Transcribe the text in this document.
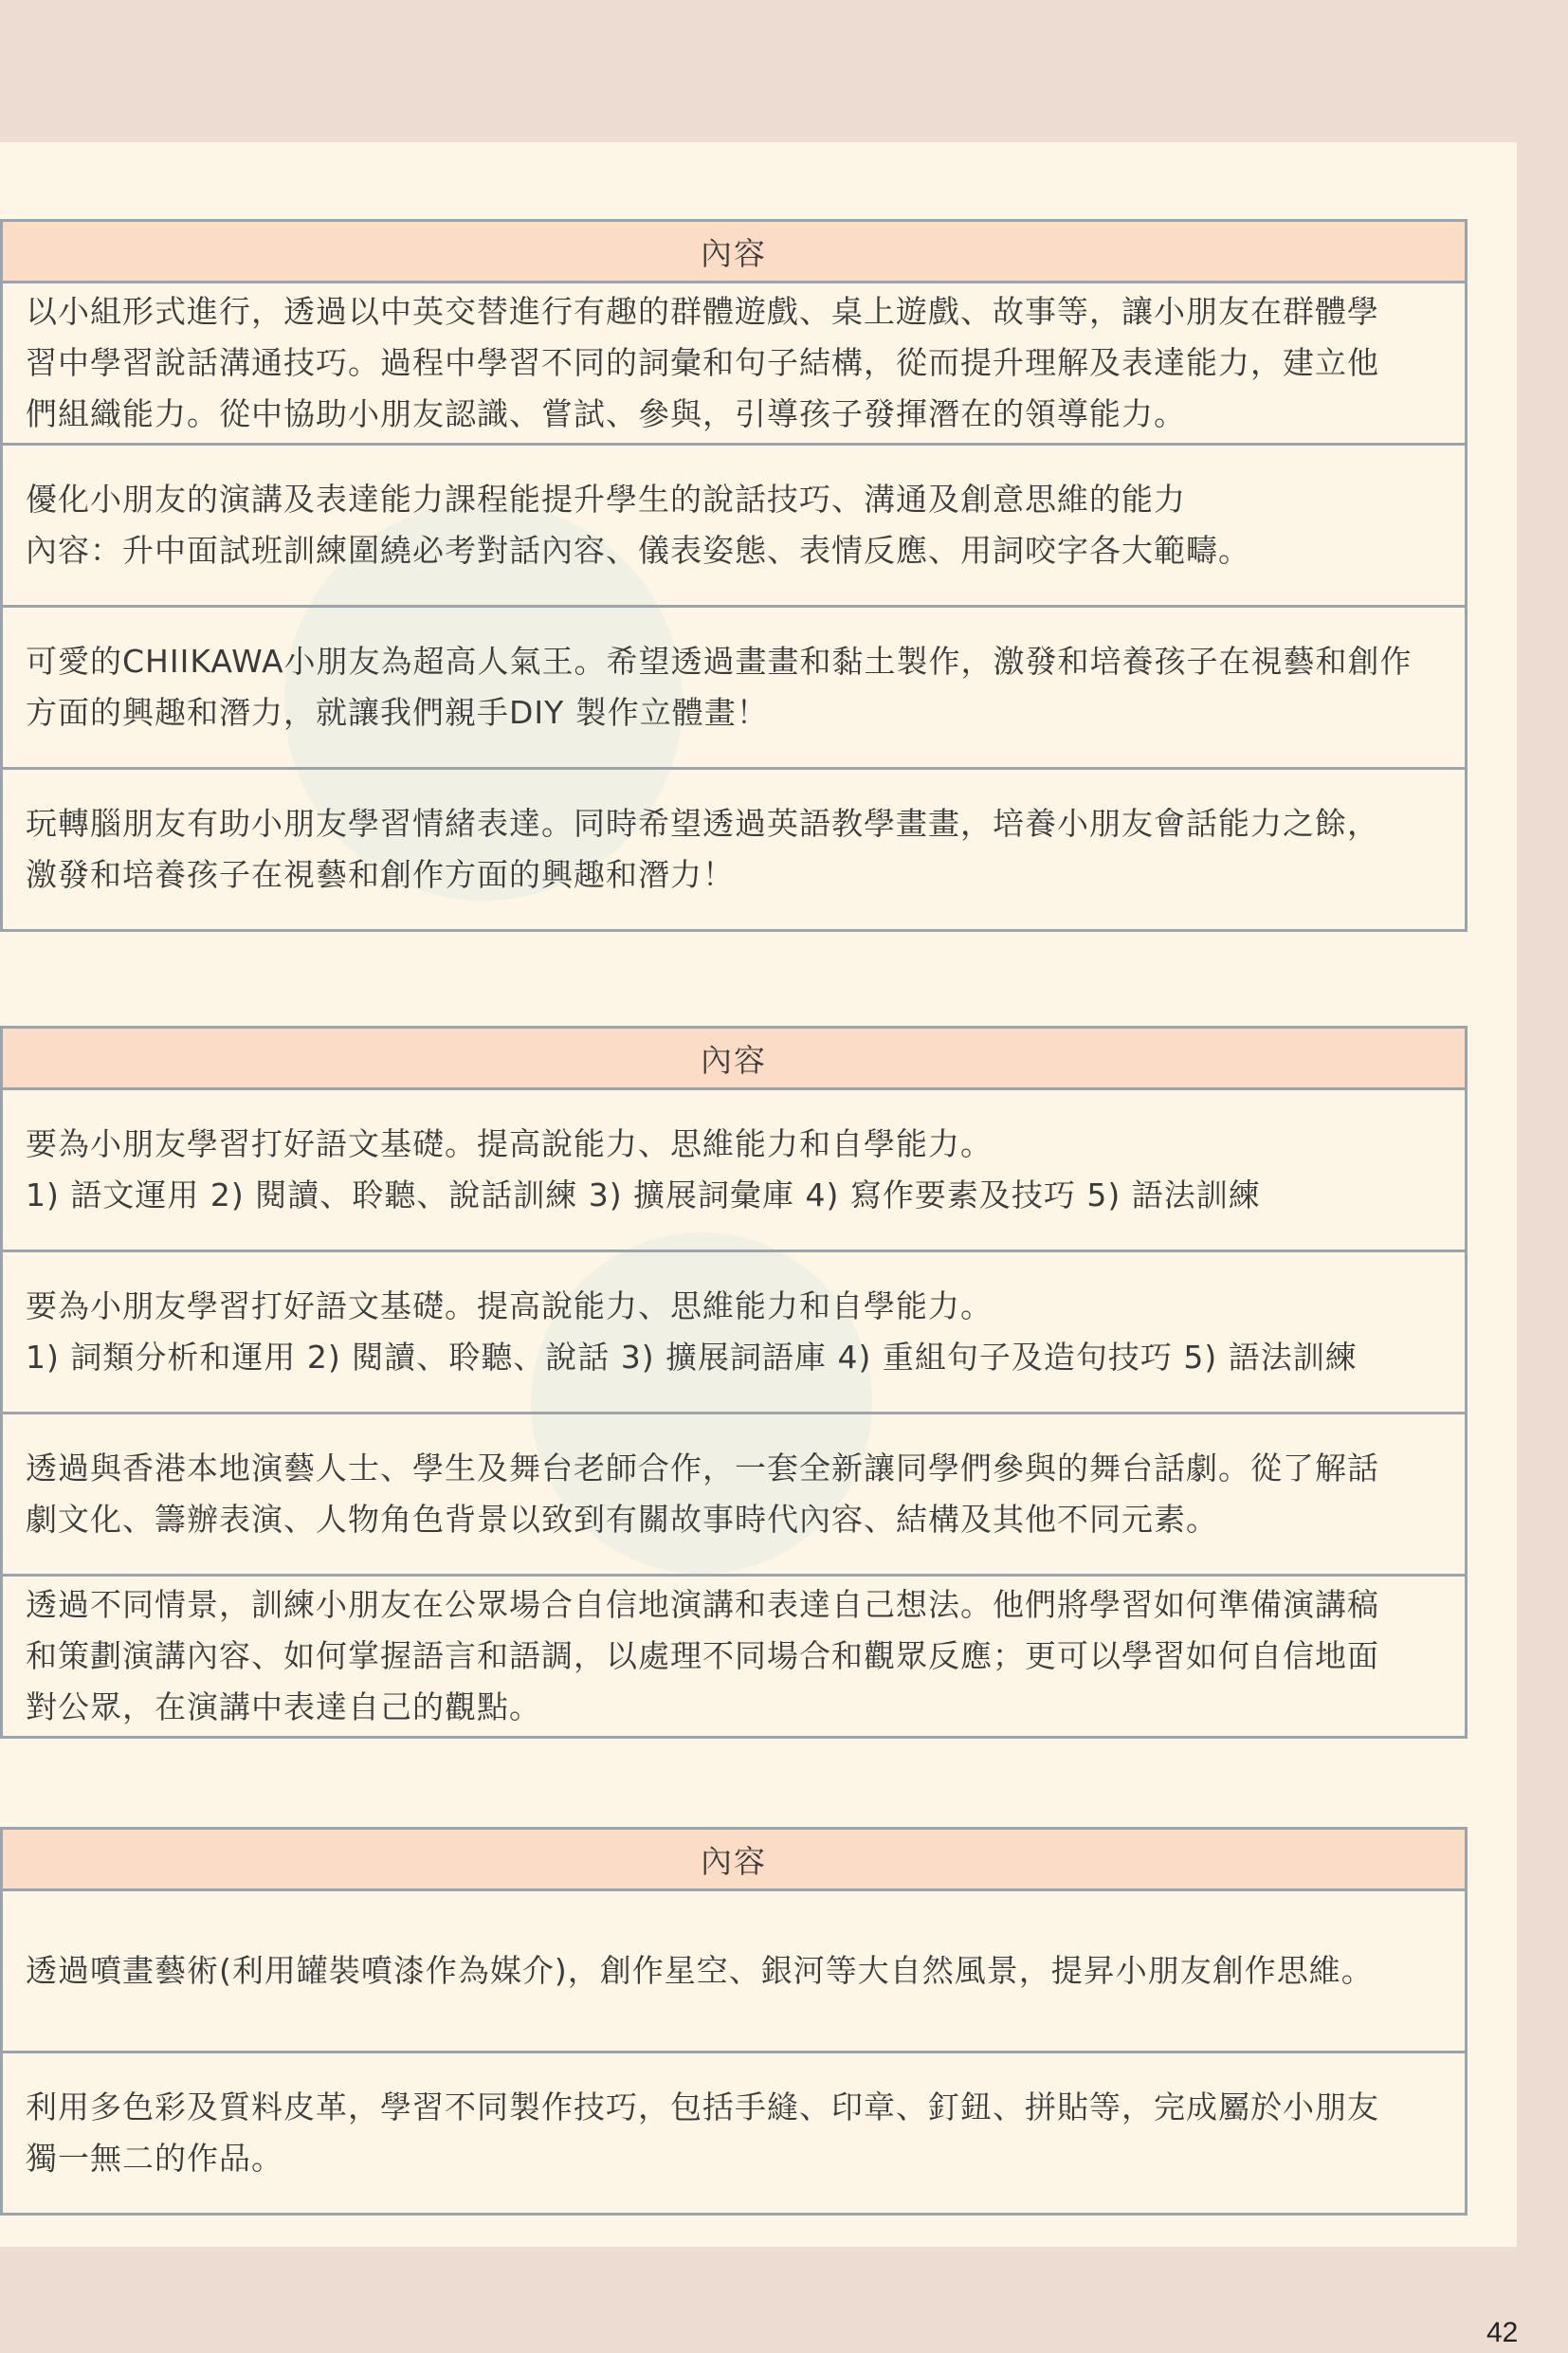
內容

以小組形式進行，透過以中英交替進行有趣的群體遊戲、桌上遊戲、故事等，讓小朋友在群體學
習中學習說話溝通技巧。過程中學習不同的詞彙和句子結構，從而提升理解及表達能力，建立他
們組織能力。從中協助小朋友認識、嘗試、參與，引導孩子發揮潛在的領導能力。

優化小朋友的演講及表達能力課程能提升學生的說話技巧、溝通及創意思維的能力
內容：升中面試班訓練圍繞必考對話內容、儀表姿態、表情反應、用詞咬字各大範疇。

可愛的CHIIKAWA小朋友為超高人氣王。希望透過畫畫和黏土製作，激發和培養孩子在視藝和創作
方面的興趣和潛力，就讓我們親手DIY 製作立體畫！

玩轉腦朋友有助小朋友學習情緒表達。同時希望透過英語教學畫畫，培養小朋友會話能力之餘，
激發和培養孩子在視藝和創作方面的興趣和潛力！
內容

要為小朋友學習打好語文基礎。提高說能力、思維能力和自學能力。
1) 語文運用 2) 閱讀、聆聽、說話訓練 3) 擴展詞彙庫 4) 寫作要素及技巧 5) 語法訓練

要為小朋友學習打好語文基礎。提高說能力、思維能力和自學能力。
1) 詞類分析和運用 2) 閱讀、聆聽、說話 3) 擴展詞語庫 4) 重組句子及造句技巧 5) 語法訓練

透過與香港本地演藝人士、學生及舞台老師合作，一套全新讓同學們參與的舞台話劇。從了解話
劇文化、籌辦表演、人物角色背景以致到有關故事時代內容、結構及其他不同元素。

透過不同情景，訓練小朋友在公眾場合自信地演講和表達自己想法。他們將學習如何準備演講稿
和策劃演講內容、如何掌握語言和語調，以處理不同場合和觀眾反應；更可以學習如何自信地面
對公眾，在演講中表達自己的觀點。
內容

透過噴畫藝術(利用罐裝噴漆作為媒介)，創作星空、銀河等大自然風景，提昇小朋友創作思維。

利用多色彩及質料皮革，學習不同製作技巧，包括手縫、印章、釘鈕、拼貼等，完成屬於小朋友
獨一無二的作品。
42
